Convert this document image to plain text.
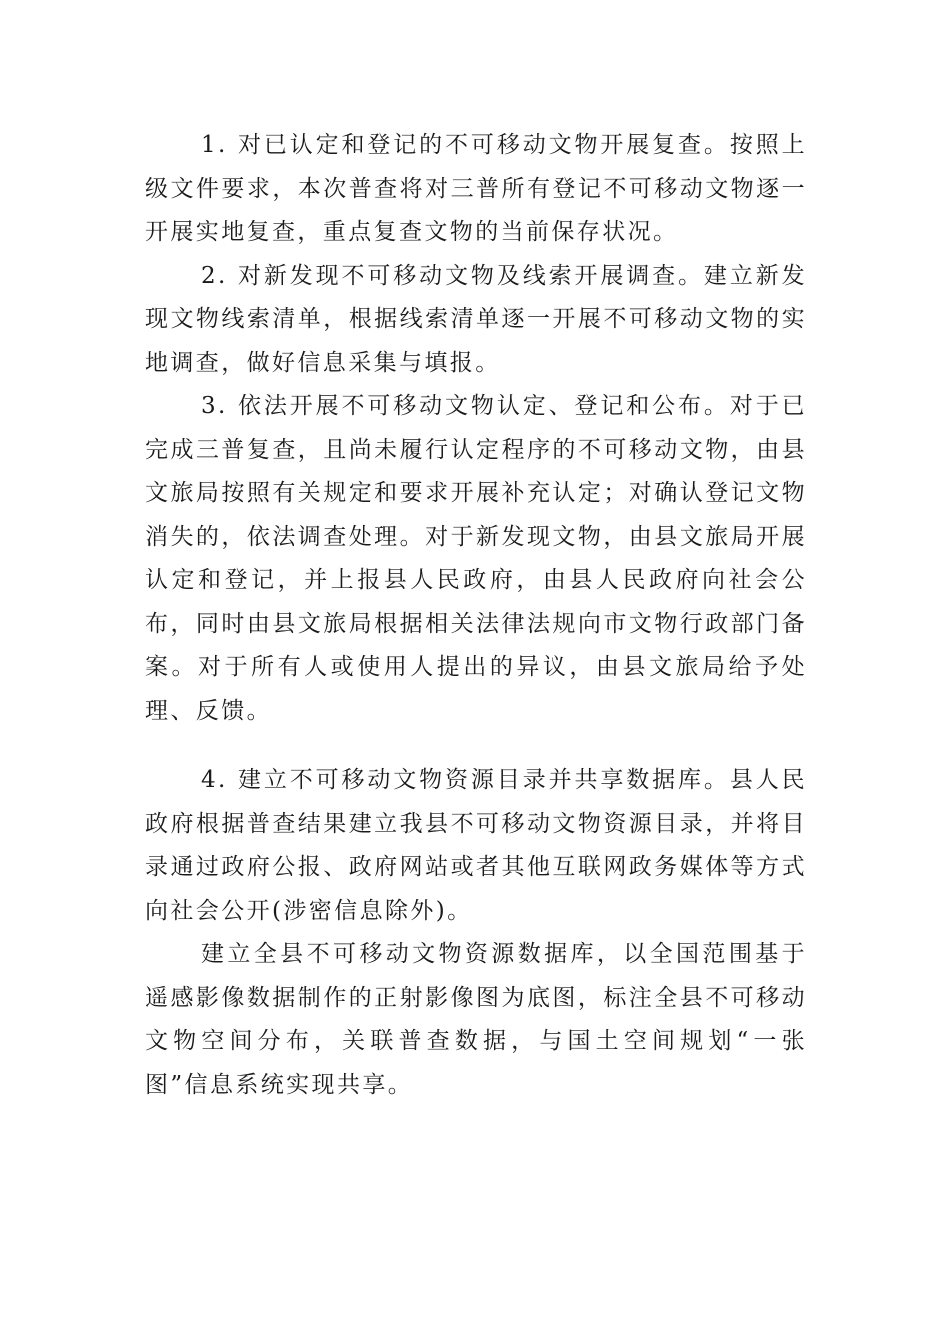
1. 对已认定和登记的不可移动文物开展复查。按照上级文件要求，本次普查将对三普所有登记不可移动文物逐一开展实地复查，重点复查文物的当前保存状况。

2. 对新发现不可移动文物及线索开展调查。建立新发现文物线索清单，根据线索清单逐一开展不可移动文物的实地调查，做好信息采集与填报。

3. 依法开展不可移动文物认定、登记和公布。对于已完成三普复查，且尚未履行认定程序的不可移动文物，由县文旅局按照有关规定和要求开展补充认定；对确认登记文物消失的，依法调查处理。对于新发现文物，由县文旅局开展认定和登记，并上报县人民政府，由县人民政府向社会公布，同时由县文旅局根据相关法律法规向市文物行政部门备案。对于所有人或使用人提出的异议，由县文旅局给予处理、反馈。

4. 建立不可移动文物资源目录并共享数据库。县人民政府根据普查结果建立我县不可移动文物资源目录，并将目录通过政府公报、政府网站或者其他互联网政务媒体等方式向社会公开(涉密信息除外)。

建立全县不可移动文物资源数据库，以全国范围基于遥感影像数据制作的正射影像图为底图，标注全县不可移动文物空间分布，关联普查数据，与国土空间规划“一张图”信息系统实现共享。
